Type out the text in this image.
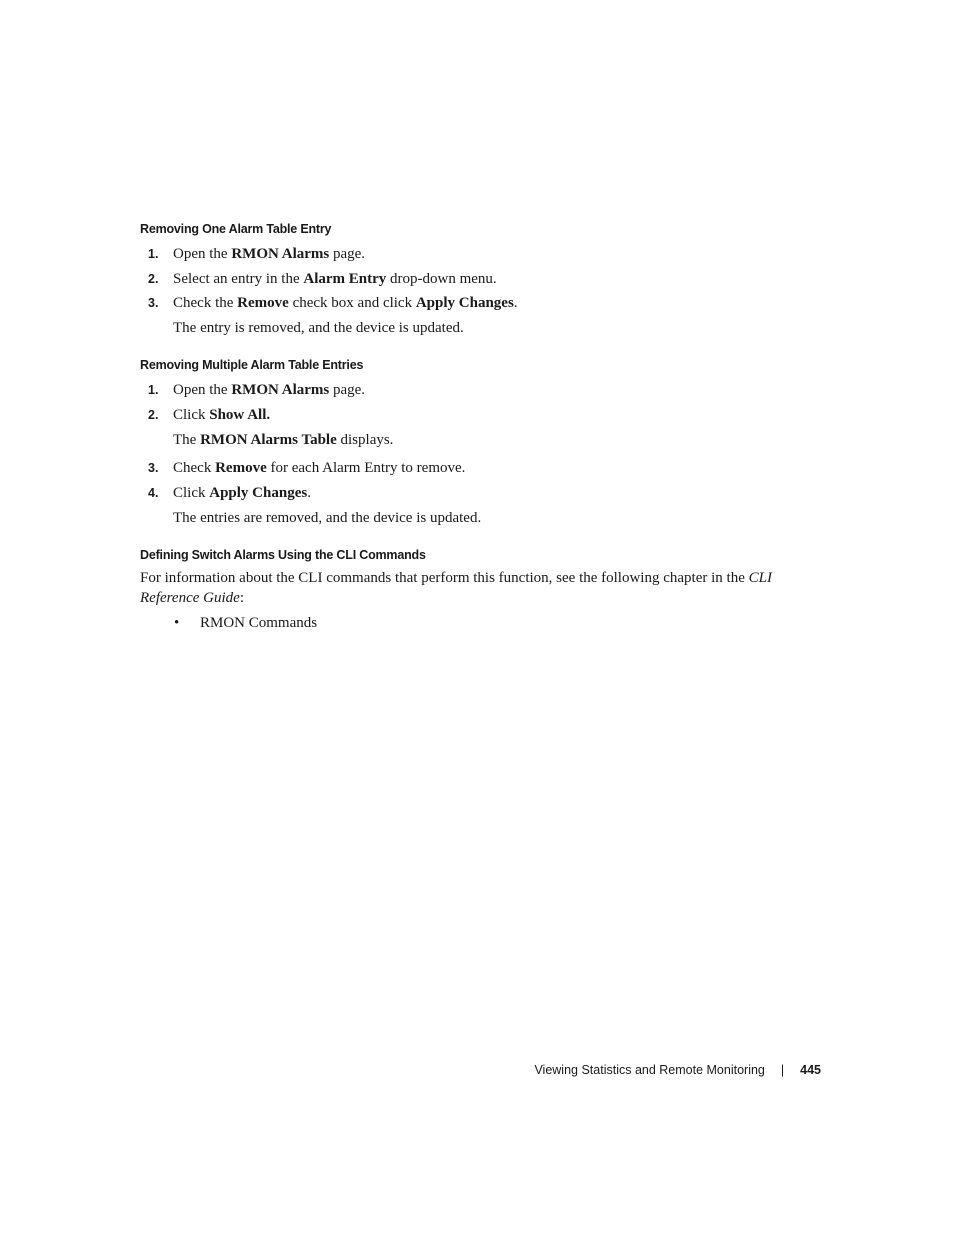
Removing One Alarm Table Entry
1. Open the RMON Alarms page.
2. Select an entry in the Alarm Entry drop-down menu.
3. Check the Remove check box and click Apply Changes.
The entry is removed, and the device is updated.
Removing Multiple Alarm Table Entries
1. Open the RMON Alarms page.
2. Click Show All.
The RMON Alarms Table displays.
3. Check Remove for each Alarm Entry to remove.
4. Click Apply Changes.
The entries are removed, and the device is updated.
Defining Switch Alarms Using the CLI Commands
For information about the CLI commands that perform this function, see the following chapter in the CLI Reference Guide:
• RMON Commands
Viewing Statistics and Remote Monitoring | 445
